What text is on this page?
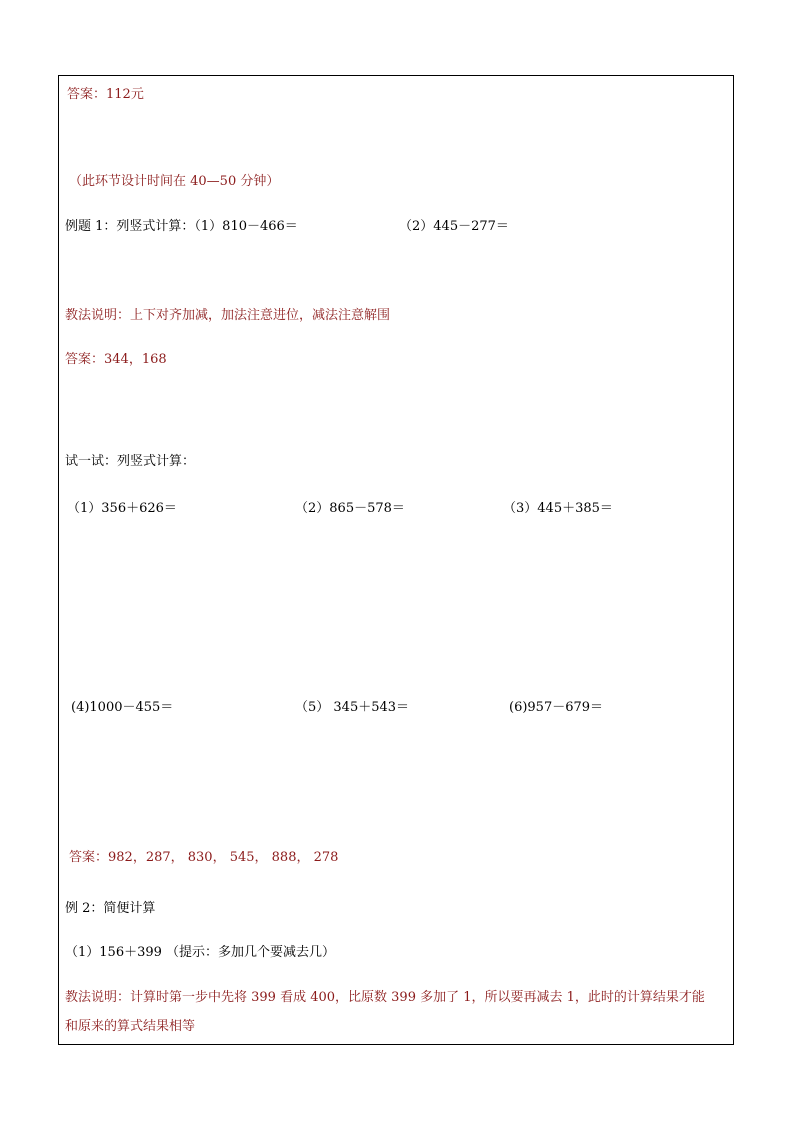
答案：112元
（此环节设计时间在 40—50 分钟）
例题 1：列竖式计算：（1）810－466＝	（2）445－277＝
教法说明：上下对齐加减，加法注意进位，减法注意解围
答案：344，168
试一试：列竖式计算：
（1）356＋626＝	（2）865－578＝	（3）445＋385＝
(4)1000－455＝	（5） 345＋543＝	(6)957－679＝
答案：982，287， 830， 545， 888， 278
例 2：简便计算
（1）156＋399 （提示：多加几个要减去几）
教法说明：计算时第一步中先将 399 看成 400，比原数 399 多加了 1，所以要再减去 1，此时的计算结果才能
和原来的算式结果相等
